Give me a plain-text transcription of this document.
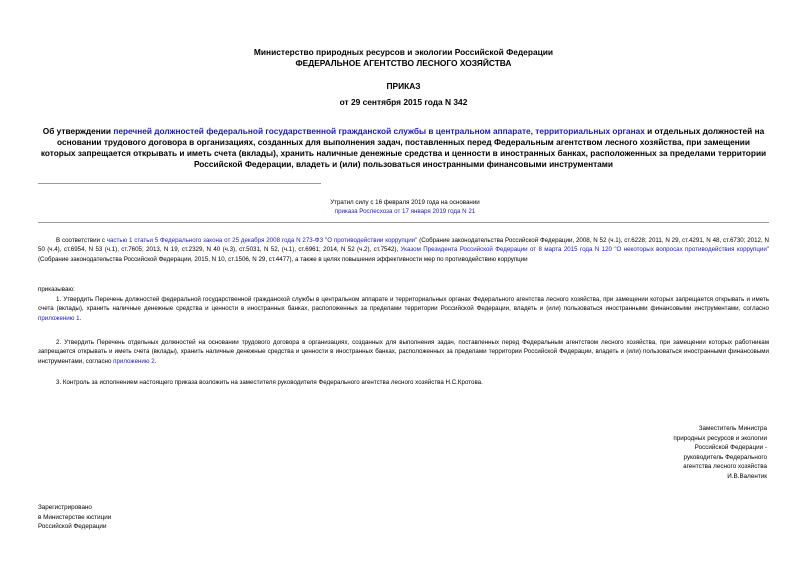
Министерство природных ресурсов и экологии Российской Федерации
ФЕДЕРАЛЬНОЕ АГЕНТСТВО ЛЕСНОГО ХОЗЯЙСТВА
ПРИКАЗ
от 29 сентября 2015 года N 342
Об утверждении перечней должностей федеральной государственной гражданской службы в центральном аппарате, территориальных органах и отдельных должностей на основании трудового договора в организациях, созданных для выполнения задач, поставленных перед Федеральным агентством лесного хозяйства, при замещении которых запрещается открывать и иметь счета (вклады), хранить наличные денежные средства и ценности в иностранных банках, расположенных за пределами территории Российской Федерации, владеть и (или) пользоваться иностранными финансовыми инструментами
Утратил силу с 16 февраля 2019 года на основании
приказа Рослесхоза от 17 января 2019 года N 21
В соответствии с частью 1 статьи 5 Федерального закона от 25 декабря 2008 года N 273-ФЗ "О противодействии коррупции" (Собрание законодательства Российской Федерации, 2008, N 52 (ч.1), ст.6228; 2011, N 29, ст.4291, N 48, ст.6730; 2012, N 50 (ч.4), ст.6954, N 53 (ч.1), ст.7605; 2013, N 19, ст.2329, N 40 (ч.3), ст.5031, N 52, (ч.1), ст.6961; 2014, N 52 (ч.2), ст.7542), Указом Президента Российской Федерации от 8 марта 2015 года N 120 "О некоторых вопросах противодействия коррупции" (Собрание законодательства Российской Федерации, 2015, N 10, ст.1506, N 29, ст.4477), а также в целях повышения эффективности мер по противодействию коррупции
приказываю:
1. Утвердить Перечень должностей федеральной государственной гражданской службы в центральном аппарате и территориальных органах Федерального агентства лесного хозяйства, при замещении которых запрещается открывать и иметь счета (вклады), хранить наличные денежные средства и ценности в иностранных банках, расположенных за пределами территории Российской Федерации, владеть и (или) пользоваться иностранными финансовыми инструментами, согласно приложению 1.
2. Утвердить Перечень отдельных должностей на основании трудового договора в организациях, созданных для выполнения задач, поставленных перед Федеральным агентством лесного хозяйства, при замещении которых работникам запрещается открывать и иметь счета (вклады), хранить наличные денежные средства и ценности в иностранных банках, расположенных за пределами территории Российской Федерации, владеть и (или) пользоваться иностранными финансовыми инструментами, согласно приложению 2.
3. Контроль за исполнением настоящего приказа возложить на заместителя руководителя Федерального агентства лесного хозяйства Н.С.Кротова.
Заместитель Министра
природных ресурсов и экологии
Российской Федерации -
руководитель Федерального
агентства лесного хозяйства
И.В.Валентик
Зарегистрировано
в Министерстве юстиции
Российской Федерации
